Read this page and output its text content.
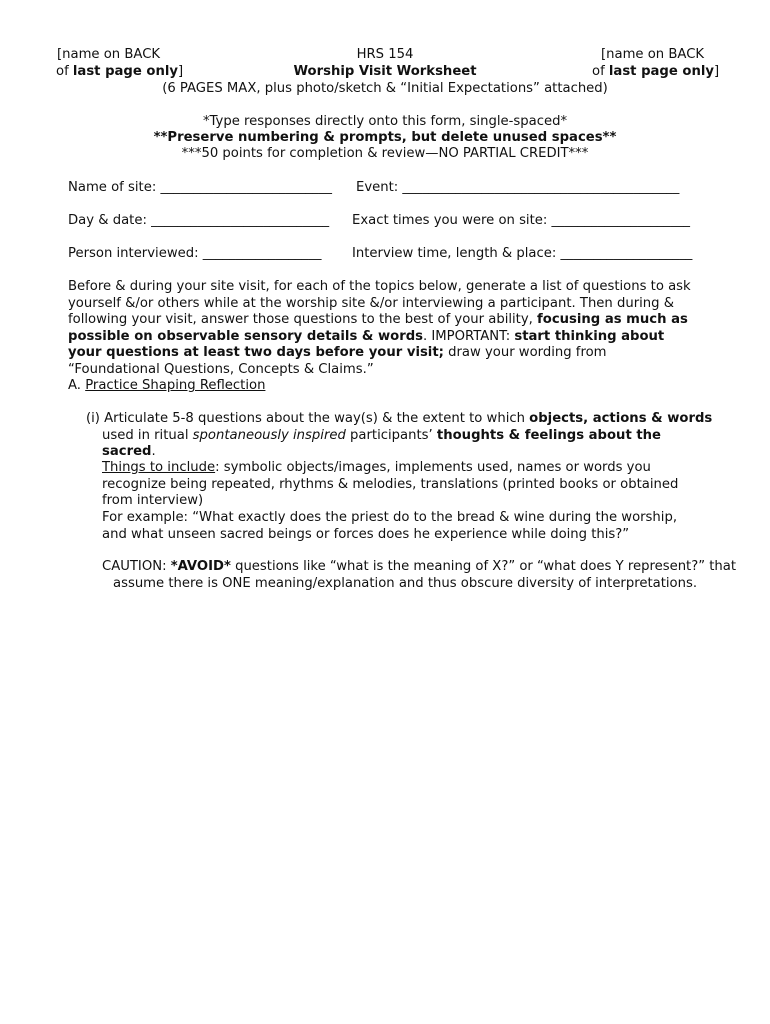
[name on BACK
of last page only]
[name on BACK
of last page only]
HRS 154
Worship Visit Worksheet
(6 PAGES MAX, plus photo/sketch & “Initial Expectations” attached)
*Type responses directly onto this form, single-spaced*
**Preserve numbering & prompts, but delete unused spaces**
***50 points for completion & review—NO PARTIAL CREDIT***
Name of site: __________________________ Event: __________________________________________
Day & date: ___________________________ Exact times you were on site: _____________________
Person interviewed: __________________ Interview time, length & place: ____________________
Before & during your site visit, for each of the topics below, generate a list of questions to ask yourself &/or others while at the worship site &/or interviewing a participant. Then during & following your visit, answer those questions to the best of your ability, focusing as much as possible on observable sensory details & words. IMPORTANT: start thinking about your questions at least two days before your visit; draw your wording from “Foundational Questions, Concepts & Claims.”
A. Practice Shaping Reflection
(i) Articulate 5-8 questions about the way(s) & the extent to which objects, actions & words used in ritual spontaneously inspired participants’ thoughts & feelings about the sacred.
Things to include: symbolic objects/images, implements used, names or words you recognize being repeated, rhythms & melodies, translations (printed books or obtained from interview)
For example: “What exactly does the priest do to the bread & wine during the worship, and what unseen sacred beings or forces does he experience while doing this?”
CAUTION: *AVOID* questions like “what is the meaning of X?” or “what does Y represent?” that
assume there is ONE meaning/explanation and thus obscure diversity of interpretations.
